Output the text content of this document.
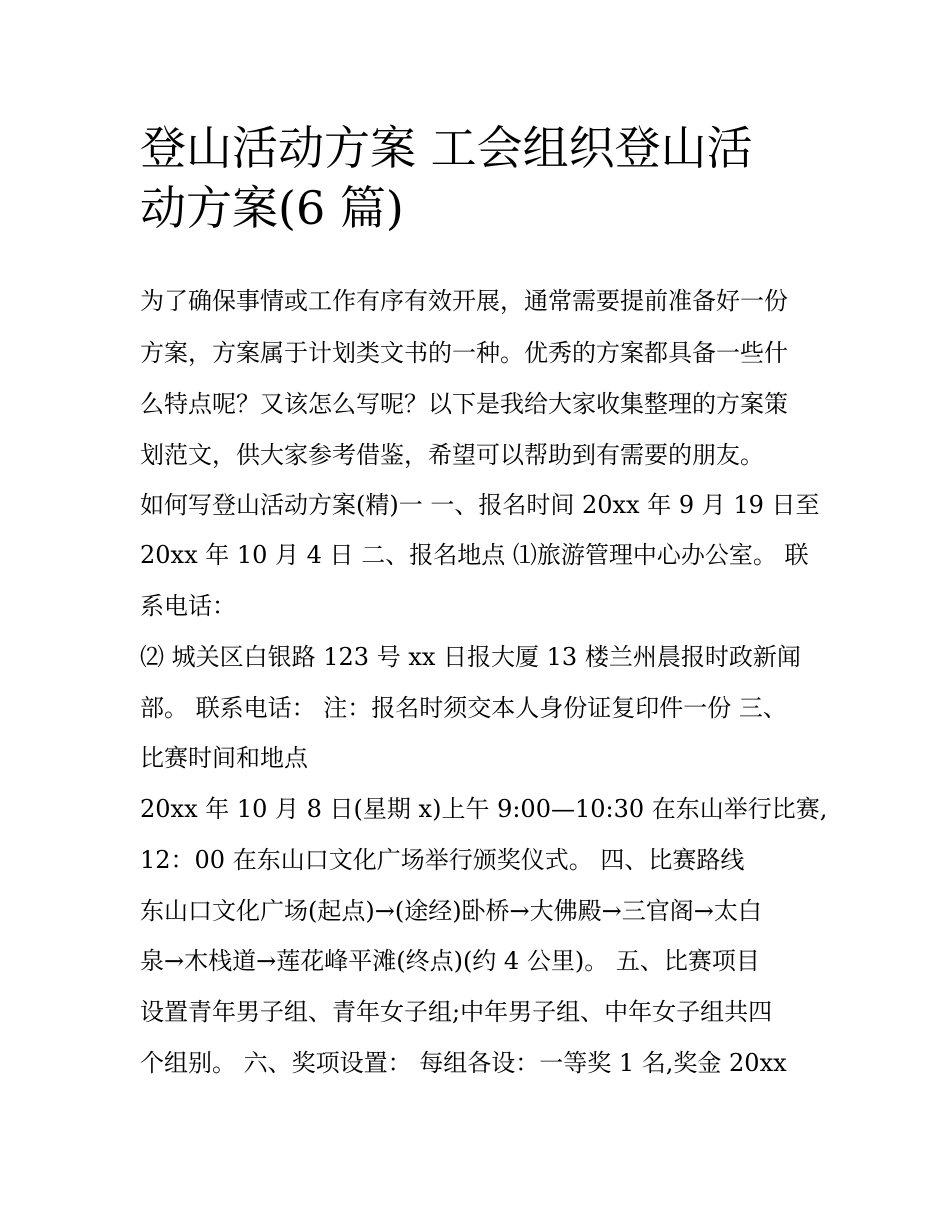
登山活动方案 工会组织登山活
动方案(6 篇)
为了确保事情或工作有序有效开展，通常需要提前准备好一份
方案，方案属于计划类文书的一种。优秀的方案都具备一些什
么特点呢？又该怎么写呢？以下是我给大家收集整理的方案策
划范文，供大家参考借鉴，希望可以帮助到有需要的朋友。
如何写登山活动方案(精)一 一、报名时间 20xx 年 9 月 19 日至
20xx 年 10 月 4 日 二、报名地点 ⑴旅游管理中心办公室。 联
系电话：
⑵ 城关区白银路 123 号 xx 日报大厦 13 楼兰州晨报时政新闻
部。 联系电话： 注：报名时须交本人身份证复印件一份 三、
比赛时间和地点
20xx 年 10 月 8 日(星期 x)上午 9:00—10:30 在东山举行比赛,
12：00 在东山口文化广场举行颁奖仪式。 四、比赛路线
东山口文化广场(起点)→(途经)卧桥→大佛殿→三官阁→太白
泉→木栈道→莲花峰平滩(终点)(约 4 公里)。 五、比赛项目
设置青年男子组、青年女子组;中年男子组、中年女子组共四
个组别。 六、奖项设置： 每组各设：一等奖 1 名,奖金 20xx
